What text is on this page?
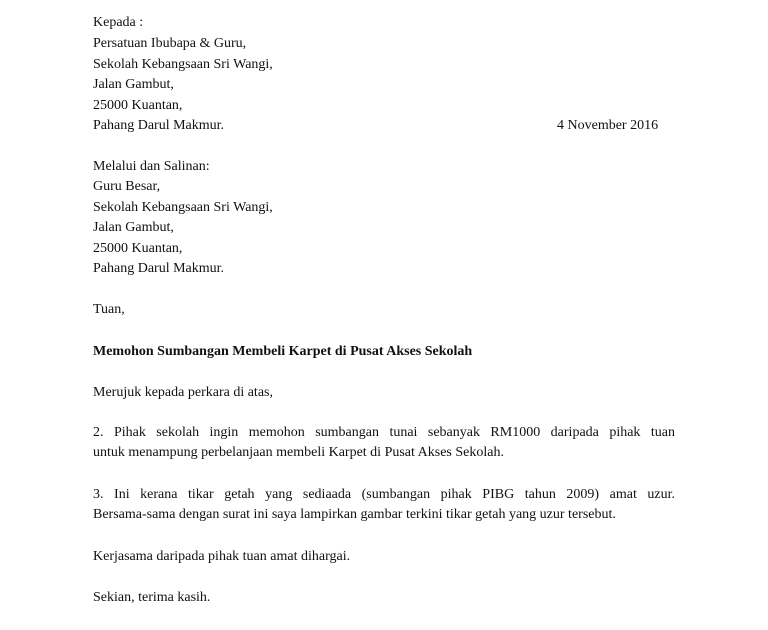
Kepada :
Persatuan Ibubapa & Guru,
Sekolah Kebangsaan Sri Wangi,
Jalan Gambut,
25000 Kuantan,
Pahang Darul Makmur.	4 November 2016
Melalui dan Salinan:
Guru Besar,
Sekolah Kebangsaan Sri Wangi,
Jalan Gambut,
25000 Kuantan,
Pahang Darul Makmur.
Tuan,
Memohon Sumbangan Membeli Karpet di Pusat Akses Sekolah
Merujuk kepada perkara di atas,
2. Pihak sekolah ingin memohon sumbangan tunai sebanyak RM1000 daripada pihak tuan
untuk menampung perbelanjaan membeli Karpet di Pusat Akses Sekolah.
3. Ini kerana tikar getah yang sediaada (sumbangan pihak PIBG tahun 2009) amat uzur.
Bersama-sama dengan surat ini saya lampirkan gambar terkini tikar getah yang uzur tersebut.
Kerjasama daripada pihak tuan amat dihargai.
Sekian, terima kasih.
